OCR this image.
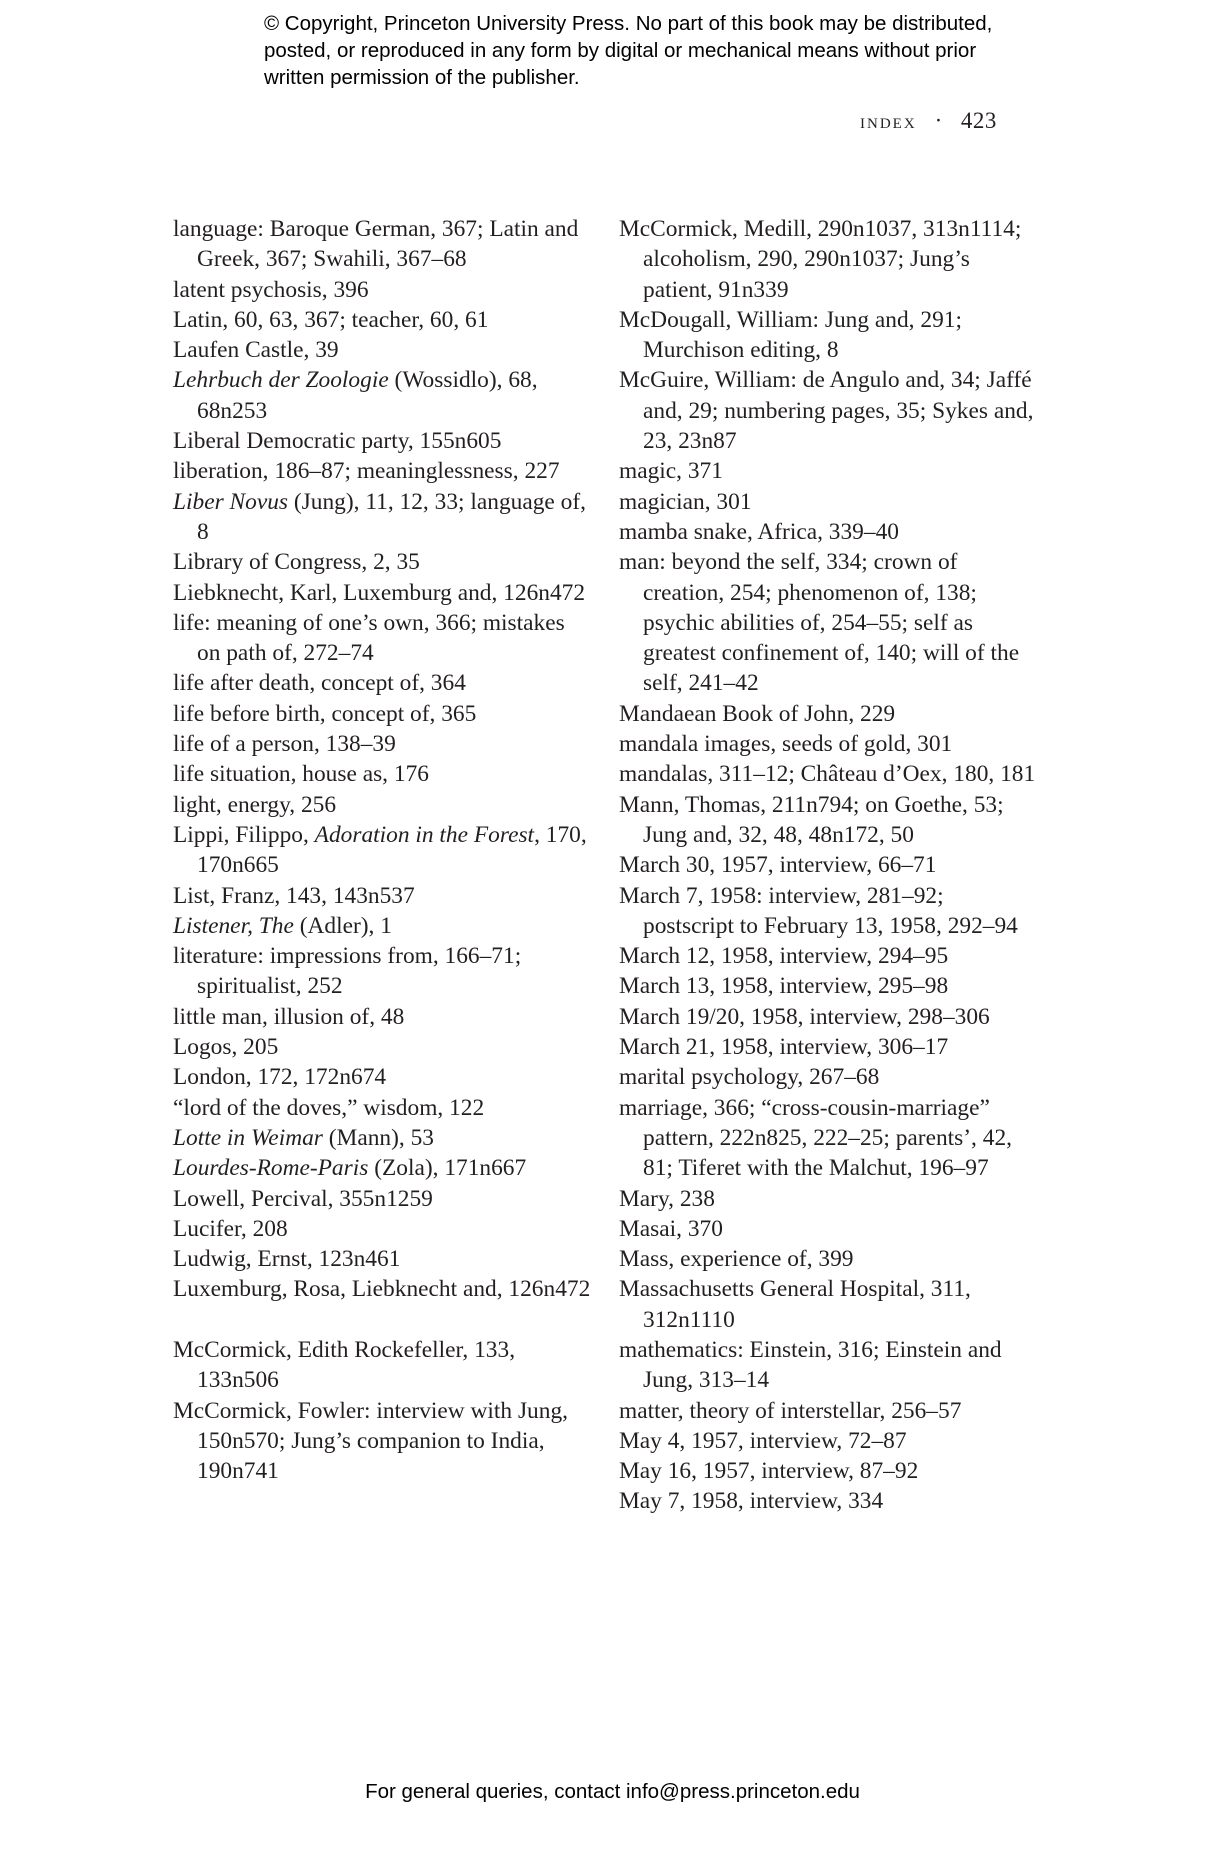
© Copyright, Princeton University Press. No part of this book may be distributed, posted, or reproduced in any form by digital or mechanical means without prior written permission of the publisher.
index · 423
language: Baroque German, 367; Latin and Greek, 367; Swahili, 367–68
latent psychosis, 396
Latin, 60, 63, 367; teacher, 60, 61
Laufen Castle, 39
Lehrbuch der Zoologie (Wossidlo), 68, 68n253
Liberal Democratic party, 155n605
liberation, 186–87; meaninglessness, 227
Liber Novus (Jung), 11, 12, 33; language of, 8
Library of Congress, 2, 35
Liebknecht, Karl, Luxemburg and, 126n472
life: meaning of one’s own, 366; mistakes on path of, 272–74
life after death, concept of, 364
life before birth, concept of, 365
life of a person, 138–39
life situation, house as, 176
light, energy, 256
Lippi, Filippo, Adoration in the Forest, 170, 170n665
List, Franz, 143, 143n537
Listener, The (Adler), 1
literature: impressions from, 166–71; spiritualist, 252
little man, illusion of, 48
Logos, 205
London, 172, 172n674
“lord of the doves,” wisdom, 122
Lotte in Weimar (Mann), 53
Lourdes-Rome-Paris (Zola), 171n667
Lowell, Percival, 355n1259
Lucifer, 208
Ludwig, Ernst, 123n461
Luxemburg, Rosa, Liebknecht and, 126n472
McCormick, Edith Rockefeller, 133, 133n506
McCormick, Fowler: interview with Jung, 150n570; Jung’s companion to India, 190n741
McCormick, Medill, 290n1037, 313n1114; alcoholism, 290, 290n1037; Jung’s patient, 91n339
McDougall, William: Jung and, 291; Murchison editing, 8
McGuire, William: de Angulo and, 34; Jaffé and, 29; numbering pages, 35; Sykes and, 23, 23n87
magic, 371
magician, 301
mamba snake, Africa, 339–40
man: beyond the self, 334; crown of creation, 254; phenomenon of, 138; psychic abilities of, 254–55; self as greatest confinement of, 140; will of the self, 241–42
Mandaean Book of John, 229
mandala images, seeds of gold, 301
mandalas, 311–12; Château d’Oex, 180, 181
Mann, Thomas, 211n794; on Goethe, 53; Jung and, 32, 48, 48n172, 50
March 30, 1957, interview, 66–71
March 7, 1958: interview, 281–92; postscript to February 13, 1958, 292–94
March 12, 1958, interview, 294–95
March 13, 1958, interview, 295–98
March 19/20, 1958, interview, 298–306
March 21, 1958, interview, 306–17
marital psychology, 267–68
marriage, 366; “cross-cousin-marriage” pattern, 222n825, 222–25; parents’, 42, 81; Tiferet with the Malchut, 196–97
Mary, 238
Masai, 370
Mass, experience of, 399
Massachusetts General Hospital, 311, 312n1110
mathematics: Einstein, 316; Einstein and Jung, 313–14
matter, theory of interstellar, 256–57
May 4, 1957, interview, 72–87
May 16, 1957, interview, 87–92
May 7, 1958, interview, 334
For general queries, contact info@press.princeton.edu
